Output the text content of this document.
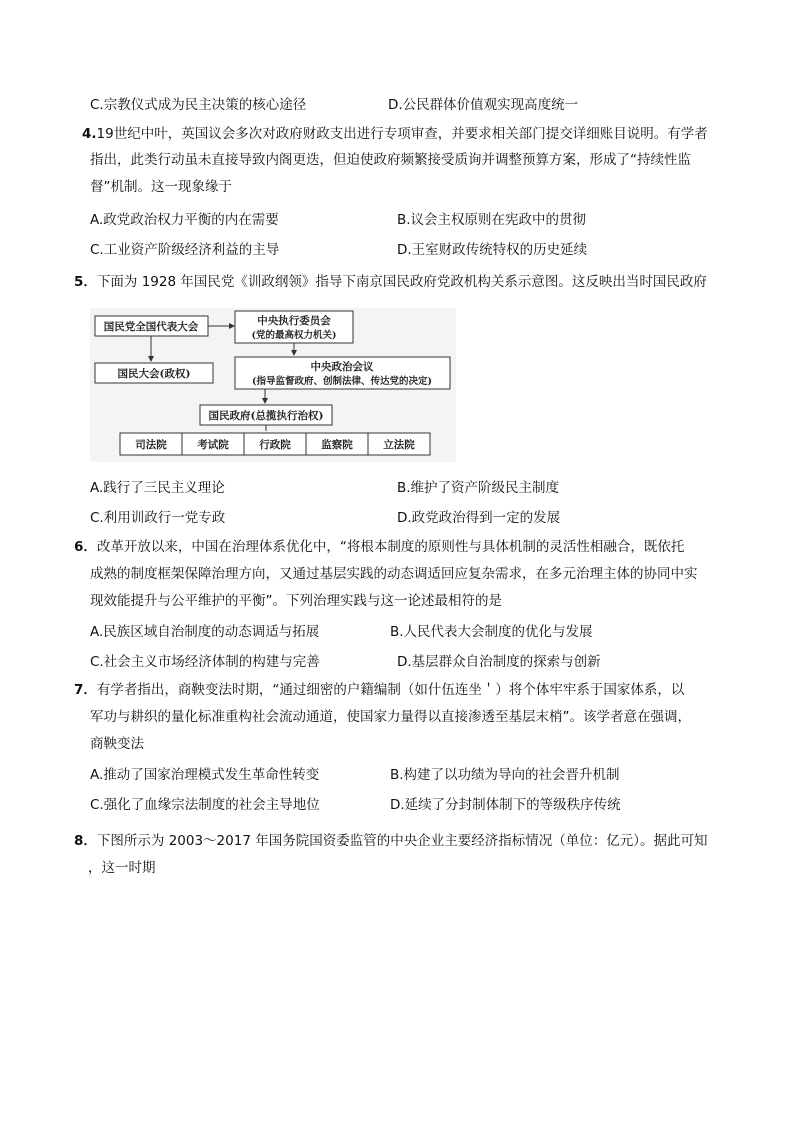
C.宗教仪式成为民主决策的核心途径	D.公民群体价值观实现高度统一
4.19世纪中叶，英国议会多次对政府财政支出进行专项审查，并要求相关部门提交详细账目说明。有学者
指出，此类行动虽未直接导致内阁更迭，但迫使政府频繁接受质询并调整预算方案，形成了“持续性监
督”机制。这一现象缘于
A.政党政治权力平衡的内在需要	B.议会主权原则在宪政中的贯彻
C.工业资产阶级经济利益的主导	D.王室财政传统特权的历史延续
5．下面为 1928 年国民党《训政纲领》指导下南京国民政府党政机构关系示意图。这反映出当时国民政府
国民党全国代表大会	中央执行委员会
(党的最高权力机关)
国民大会(政权)
中央政治会议
(指导监督政府、创制法律、传达党的决定)
国民政府(总揽执行治权)
司法院	考试院	行政院	监察院	立法院
A.践行了三民主义理论	B.维护了资产阶级民主制度
C.利用训政行一党专政	D.政党政治得到一定的发展
6．改革开放以来，中国在治理体系优化中，“将根本制度的原则性与具体机制的灵活性相融合，既依托
成熟的制度框架保障治理方向，又通过基层实践的动态调适回应复杂需求，在多元治理主体的协同中实
现效能提升与公平维护的平衡”。下列治理实践与这一论述最相符的是
A.民族区域自治制度的动态调适与拓展	B.人民代表大会制度的优化与发展
C.社会主义市场经济体制的构建与完善	D.基层群众自治制度的探索与创新
7．有学者指出，商鞅变法时期，“通过细密的户籍编制（如什伍连坐＇）将个体牢牢系于国家体系，以
军功与耕织的量化标准重构社会流动通道，使国家力量得以直接渗透至基层末梢”。该学者意在强调，
商鞅变法
A.推动了国家治理模式发生革命性转变	B.构建了以功绩为导向的社会晋升机制
C.强化了血缘宗法制度的社会主导地位	D.延续了分封制体制下的等级秩序传统
8．下图所示为 2003～2017 年国务院国资委监管的中央企业主要经济指标情况（单位：亿元）。据此可知
，这一时期
